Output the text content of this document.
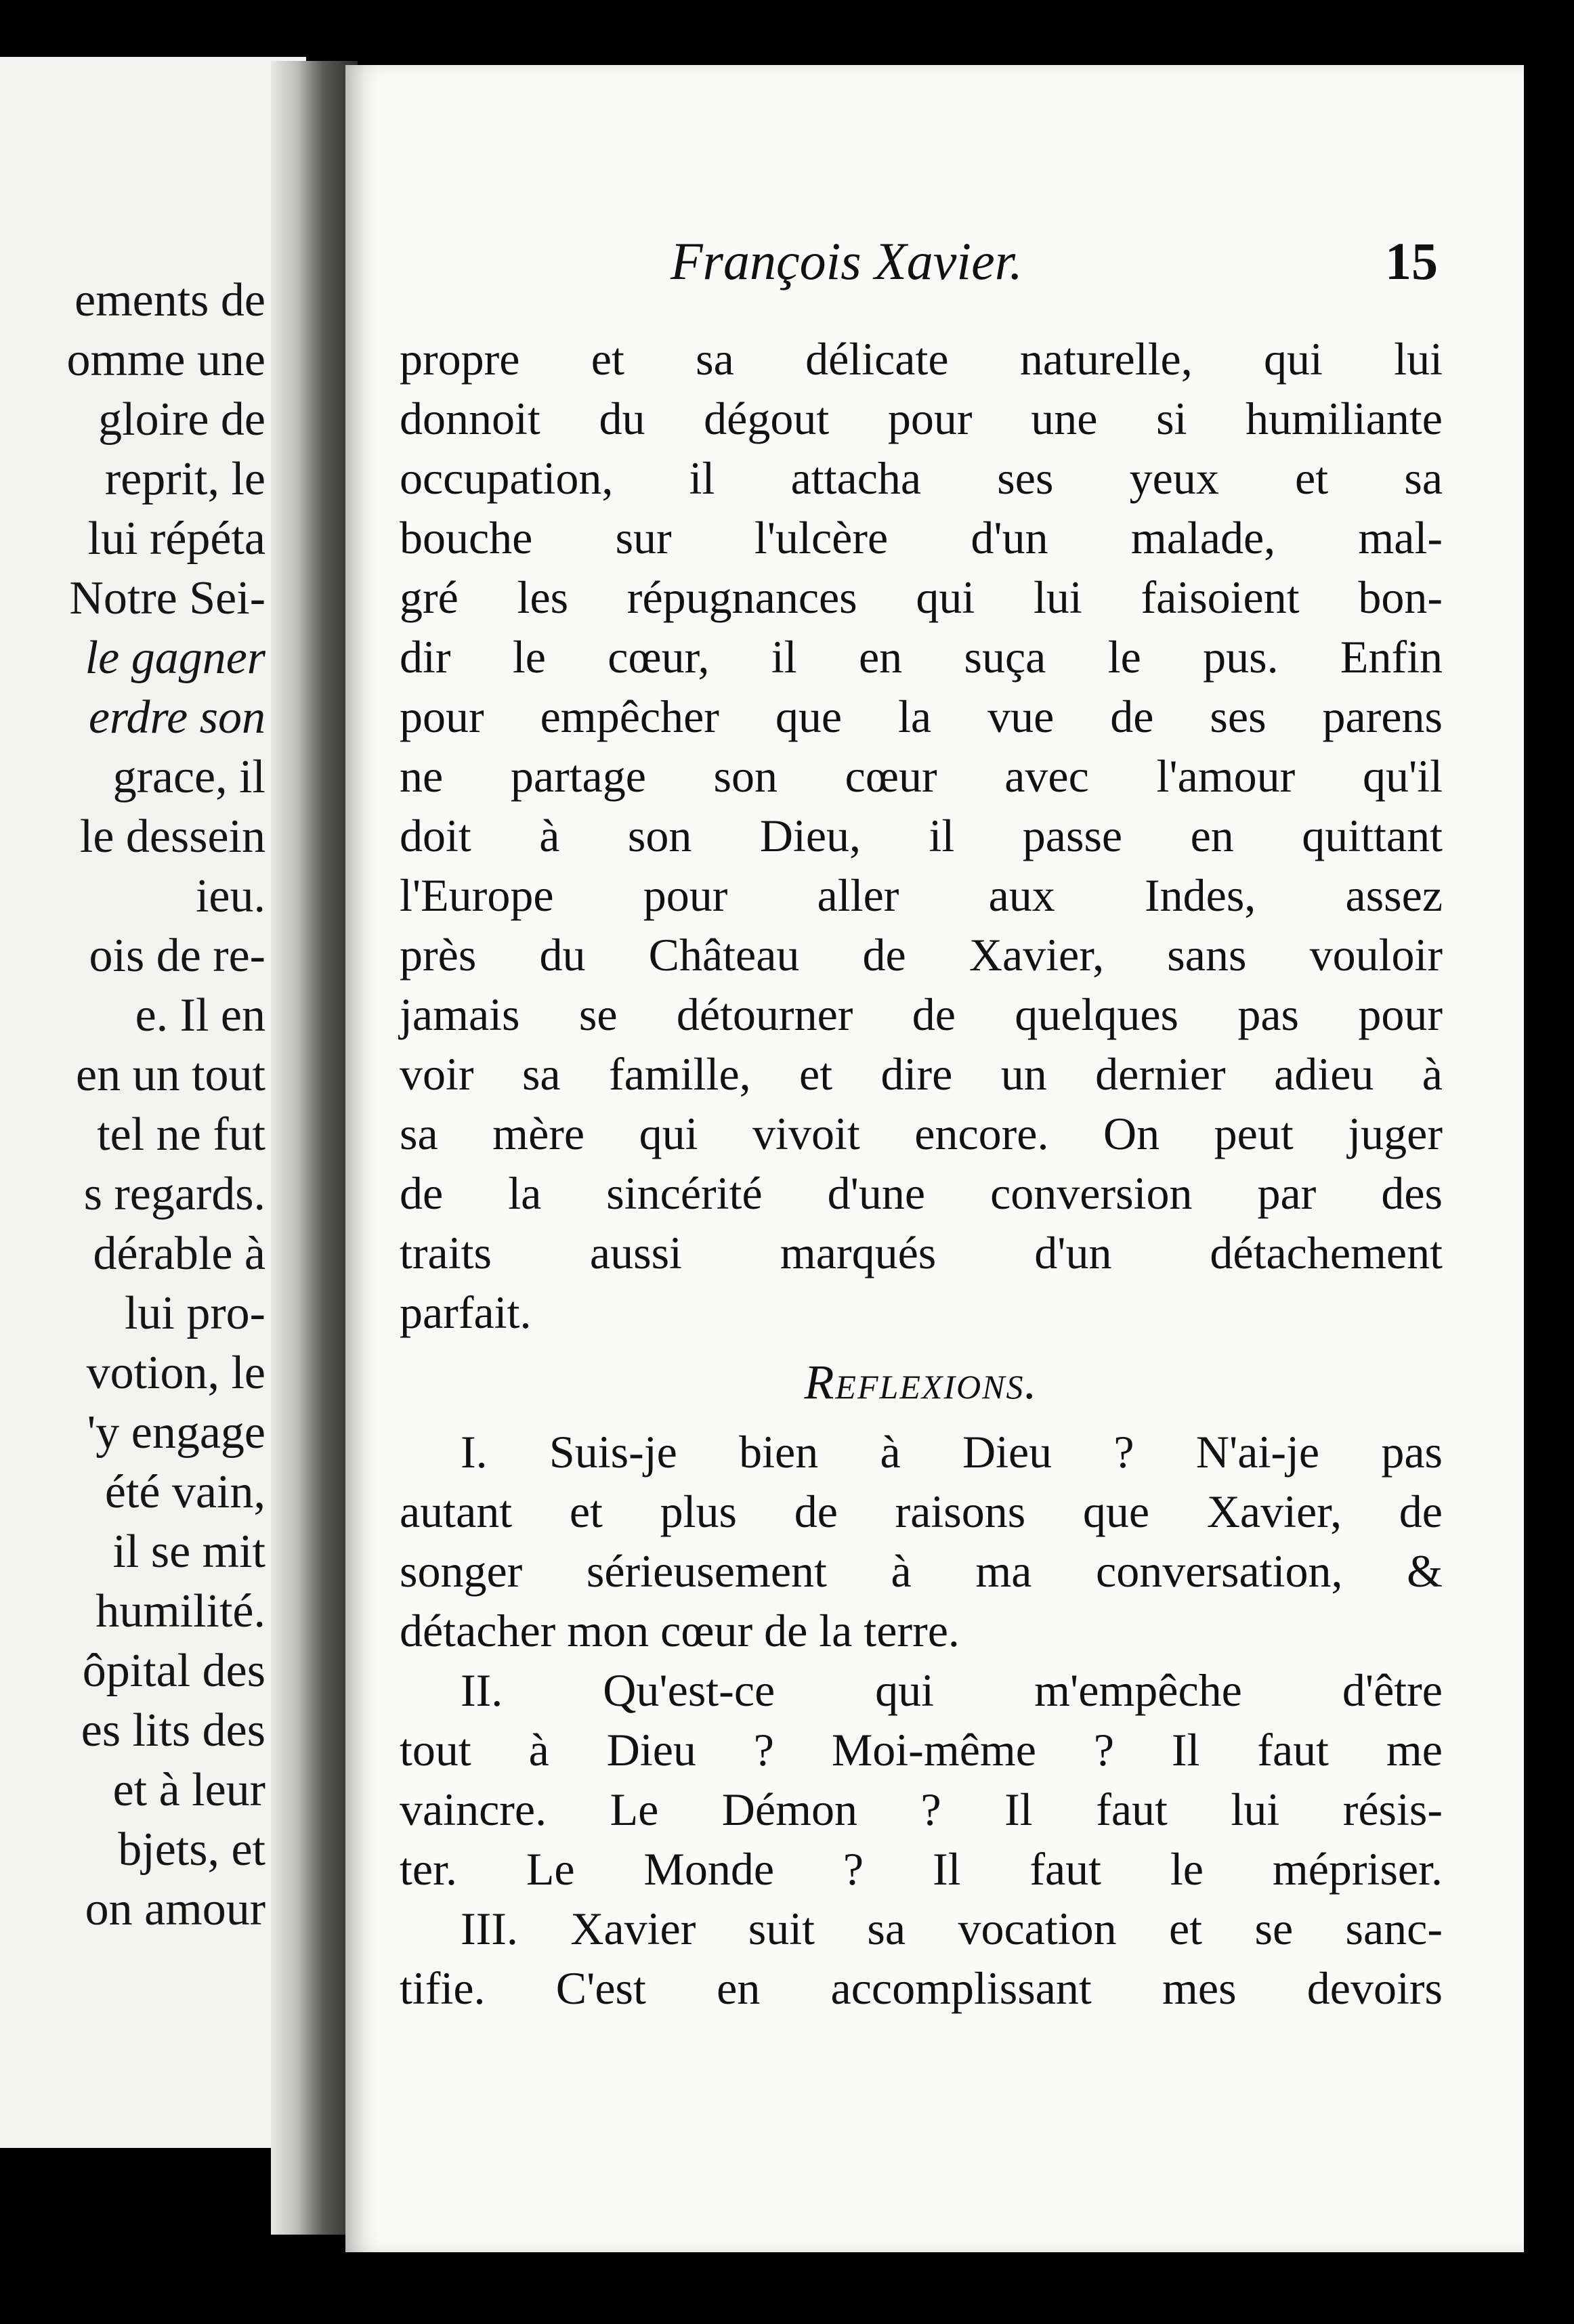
ements de
omme une
gloire de
reprit, le
lui répéta
Notre Sei-
le gagner
erdre son
grace, il
le dessein
ieu.
ois de re-
e. Il en
en un tout
tel ne fut
s regards.
dérable à
lui pro-
votion, le
'y engage
été vain,
il se mit
humilité.
ôpital des
es lits des
et à leur
bjets, et
on amour
François Xavier.	15
propre et sa délicate naturelle, qui lui
donnoit du dégout pour une si humiliante
occupation, il attacha ses yeux et sa
bouche sur l'ulcère d'un malade, mal-
gré les répugnances qui lui faisoient bon-
dir le cœur, il en suça le pus. Enfin
pour empêcher que la vue de ses parens
ne partage son cœur avec l'amour qu'il
doit à son Dieu, il passe en quittant
l'Europe pour aller aux Indes, assez
près du Château de Xavier, sans vouloir
jamais se détourner de quelques pas pour
voir sa famille, et dire un dernier adieu à
sa mère qui vivoit encore. On peut juger
de la sincérité d'une conversion par des
traits aussi marqués d'un détachement
parfait.
Reflexions.
I. Suis-je bien à Dieu ? N'ai-je pas
autant et plus de raisons que Xavier, de
songer sérieusement à ma conversation, &
détacher mon cœur de la terre.
II. Qu'est-ce qui m'empêche d'être
tout à Dieu ? Moi-même ? Il faut me
vaincre. Le Démon ? Il faut lui résis-
ter. Le Monde ? Il faut le mépriser.
III. Xavier suit sa vocation et se sanc-
tifie. C'est en accomplissant mes devoirs
